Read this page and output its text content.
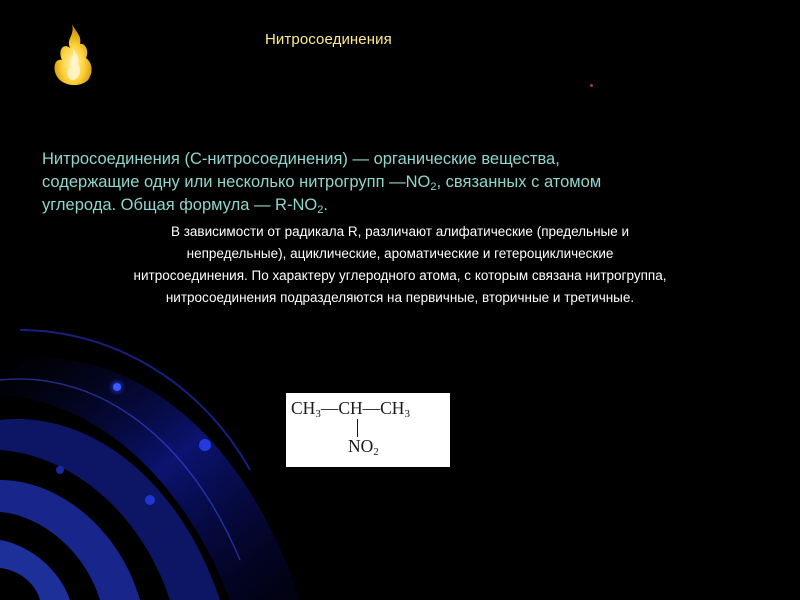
Нитросоединения
Нитросоединения (С-нитросоединения) — органические вещества,
содержащие одну или несколько нитрогрупп $—NO_2$, связанных с атомом
углерода. Общая формула — $R-NO_2$.
В зависимости от радикала R, различают алифатические (предельные и
непредельные), ациклические, ароматические и гетероциклические
нитросоединения. По характеру углеродного атома, с которым связана нитрогруппа,
нитросоединения подразделяются на первичные, вторичные и третичные.
$CH_3—CH—CH_3$
$NO_2$
